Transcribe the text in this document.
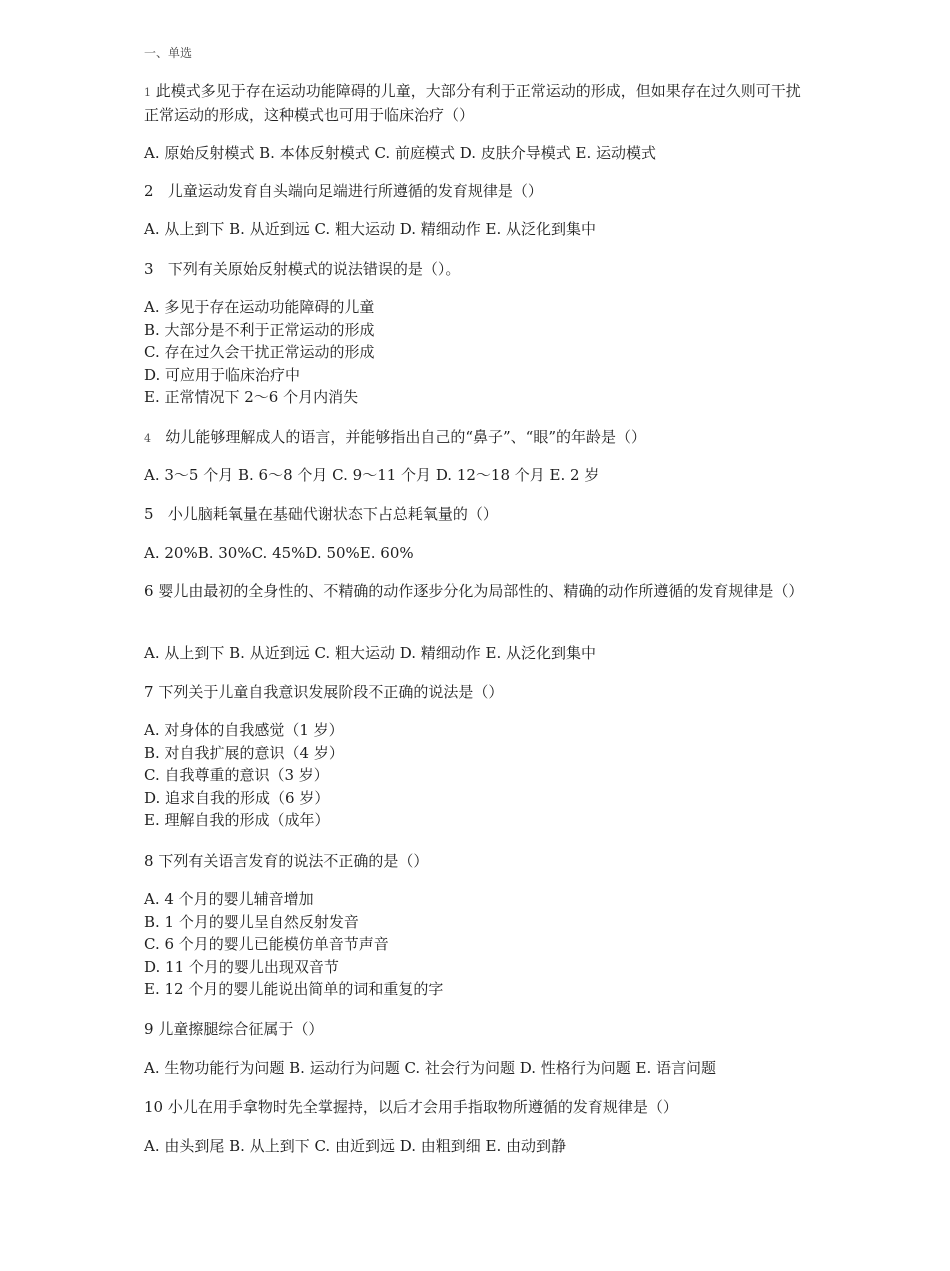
一、单选
1 此模式多见于存在运动功能障碍的儿童，大部分有利于正常运动的形成，但如果存在过久则可干扰正常运动的形成，这种模式也可用于临床治疗（）
A. 原始反射模式 B. 本体反射模式 C. 前庭模式 D. 皮肤介导模式 E. 运动模式
2 儿童运动发育自头端向足端进行所遵循的发育规律是（）
A. 从上到下 B. 从近到远 C. 粗大运动 D. 精细动作 E. 从泛化到集中
3 下列有关原始反射模式的说法错误的是（）。
A. 多见于存在运动功能障碍的儿童
B. 大部分是不利于正常运动的形成
C. 存在过久会干扰正常运动的形成
D. 可应用于临床治疗中
E. 正常情况下 2～6 个月内消失
4 幼儿能够理解成人的语言，并能够指出自己的“鼻子”、“眼”的年龄是（）
A. 3～5 个月 B. 6～8 个月 C. 9～11 个月 D. 12～18 个月 E. 2 岁
5 小儿脑耗氧量在基础代谢状态下占总耗氧量的（）
A. 20%B. 30%C. 45%D. 50%E. 60%
6 婴儿由最初的全身性的、不精确的动作逐步分化为局部性的、精确的动作所遵循的发育规律是（）
A. 从上到下 B. 从近到远 C. 粗大运动 D. 精细动作 E. 从泛化到集中
7 下列关于儿童自我意识发展阶段不正确的说法是（）
A. 对身体的自我感觉（1 岁）
B. 对自我扩展的意识（4 岁）
C. 自我尊重的意识（3 岁）
D. 追求自我的形成（6 岁）
E. 理解自我的形成（成年）
8 下列有关语言发育的说法不正确的是（）
A. 4 个月的婴儿辅音增加
B. 1 个月的婴儿呈自然反射发音
C. 6 个月的婴儿已能模仿单音节声音
D. 11 个月的婴儿出现双音节
E. 12 个月的婴儿能说出简单的词和重复的字
9 儿童擦腿综合征属于（）
A. 生物功能行为问题 B. 运动行为问题 C. 社会行为问题 D. 性格行为问题 E. 语言问题
10 小儿在用手拿物时先全掌握持，以后才会用手指取物所遵循的发育规律是（）
A. 由头到尾 B. 从上到下 C. 由近到远 D. 由粗到细 E. 由动到静
